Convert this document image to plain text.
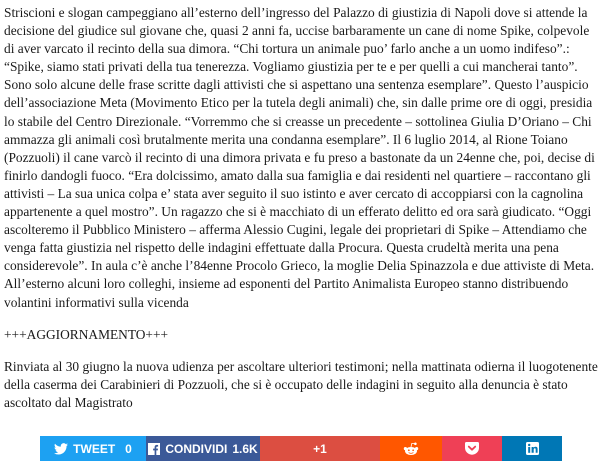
Striscioni e slogan campeggiano all’esterno dell’ingresso del Palazzo di giustizia di Napoli dove si attende la decisione del giudice sul giovane che, quasi 2 anni fa, uccise barbaramente un cane di nome Spike, colpevole di aver varcato il recinto della sua dimora. “Chi tortura un animale puo’ farlo anche a un uomo indifeso”.: “Spike, siamo stati privati della tua tenerezza. Vogliamo giustizia per te e per quelli a cui mancherai tanto”. Sono solo alcune delle frase scritte dagli attivisti che si aspettano una sentenza esemplare”. Questo l’auspicio dell’associazione Meta (Movimento Etico per la tutela degli animali) che, sin dalle prime ore di oggi, presidia lo stabile del Centro Direzionale. “Vorremmo che si creasse un precedente – sottolinea Giulia D’Oriano – Chi ammazza gli animali così brutalmente merita una condanna esemplare”. Il 6 luglio 2014, al Rione Toiano (Pozzuoli) il cane varcò il recinto di una dimora privata e fu preso a bastonate da un 24enne che, poi, decise di finirlo dandogli fuoco. “Era dolcissimo, amato dalla sua famiglia e dai residenti nel quartiere – raccontano gli attivisti – La sua unica colpa e’ stata aver seguito il suo istinto e aver cercato di accoppiarsi con la cagnolina appartenente a quel mostro”. Un ragazzo che si è macchiato di un efferato delitto ed ora sarà giudicato. “Oggi ascolteremo il Pubblico Ministero – afferma Alessio Cugini, legale dei proprietari di Spike – Attendiamo che venga fatta giustizia nel rispetto delle indagini effettuate dalla Procura. Questa crudeltà merita una pena considerevole”. In aula c’è anche l’84enne Procolo Grieco, la moglie Delia Spinazzola e due attiviste di Meta. All’esterno alcuni loro colleghi, insieme ad esponenti del Partito Animalista Europeo stanno distribuendo volantini informativi sulla vicenda

+++AGGIORNAMENTO+++

Rinviata al 30 giugno la nuova udienza per ascoltare ulteriori testimoni; nella mattinata odierna il luogotenente della caserma dei Carabinieri di Pozzuoli, che si è occupato delle indagini in seguito alla denuncia è stato ascoltato dal Magistrato

TWEET 0	CONDIVIDI 1.6K	+1
